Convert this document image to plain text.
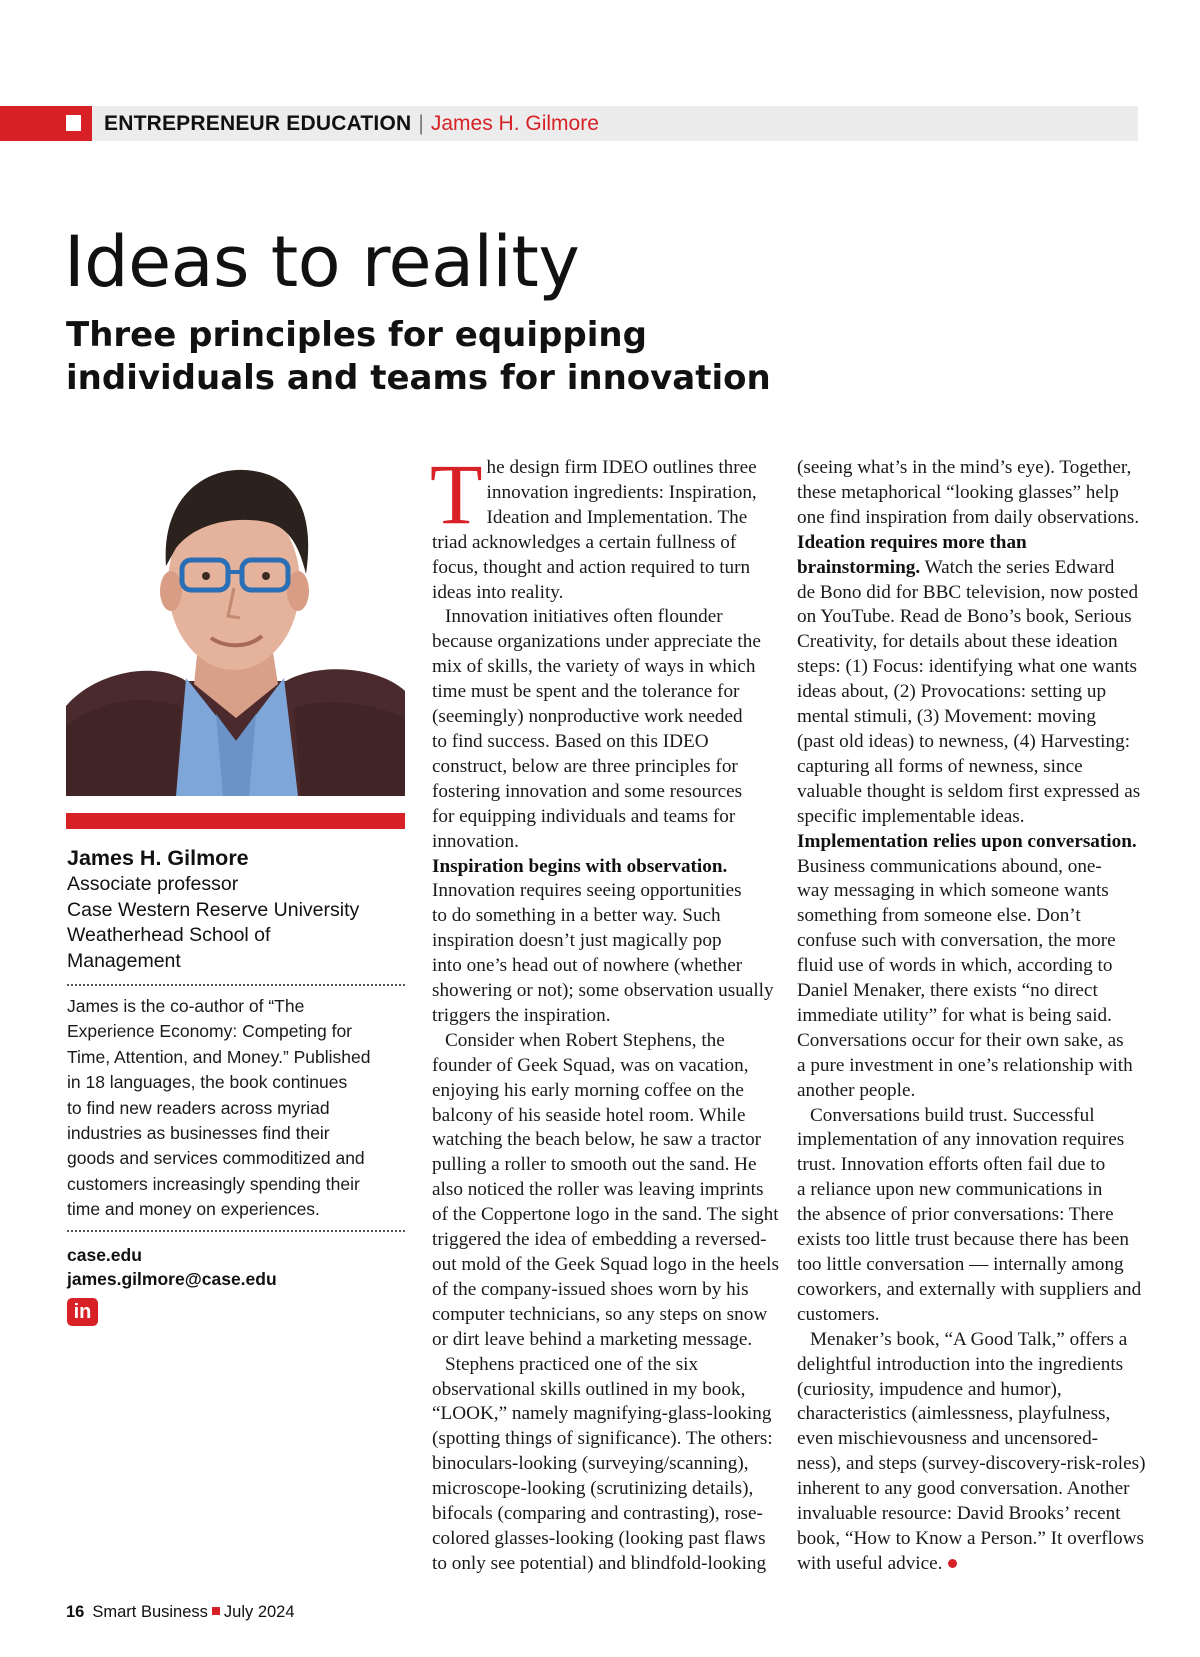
ENTREPRENEUR EDUCATION | James H. Gilmore
Ideas to reality
Three principles for equipping
individuals and teams for innovation
James H. Gilmore
Associate professor
Case Western Reserve University
Weatherhead School of
Management
James is the co-author of “The
Experience Economy: Competing for
Time, Attention, and Money.” Published
in 18 languages, the book continues
to find new readers across myriad
industries as businesses find their
goods and services commoditized and
customers increasingly spending their
time and money on experiences.
case.edu
james.gilmore@case.edu
in
T he design firm IDEO outlines three
innovation ingredients: Inspiration,
Ideation and Implementation. The
triad acknowledges a certain fullness of
focus, thought and action required to turn
ideas into reality.
Innovation initiatives often flounder
because organizations under appreciate the
mix of skills, the variety of ways in which
time must be spent and the tolerance for
(seemingly) nonproductive work needed
to find success. Based on this IDEO
construct, below are three principles for
fostering innovation and some resources
for equipping individuals and teams for
innovation.
Inspiration begins with observation.
Innovation requires seeing opportunities
to do something in a better way. Such
inspiration doesn’t just magically pop
into one’s head out of nowhere (whether
showering or not); some observation usually
triggers the inspiration.
Consider when Robert Stephens, the
founder of Geek Squad, was on vacation,
enjoying his early morning coffee on the
balcony of his seaside hotel room. While
watching the beach below, he saw a tractor
pulling a roller to smooth out the sand. He
also noticed the roller was leaving imprints
of the Coppertone logo in the sand. The sight
triggered the idea of embedding a reversed-
out mold of the Geek Squad logo in the heels
of the company-issued shoes worn by his
computer technicians, so any steps on snow
or dirt leave behind a marketing message.
Stephens practiced one of the six
observational skills outlined in my book,
“LOOK,” namely magnifying-glass-looking
(spotting things of significance). The others:
binoculars-looking (surveying/scanning),
microscope-looking (scrutinizing details),
bifocals (comparing and contrasting), rose-
colored glasses-looking (looking past flaws
to only see potential) and blindfold-looking
(seeing what’s in the mind’s eye). Together,
these metaphorical “looking glasses” help
one find inspiration from daily observations.
Ideation requires more than
brainstorming. Watch the series Edward
de Bono did for BBC television, now posted
on YouTube. Read de Bono’s book, Serious
Creativity, for details about these ideation
steps: (1) Focus: identifying what one wants
ideas about, (2) Provocations: setting up
mental stimuli, (3) Movement: moving
(past old ideas) to newness, (4) Harvesting:
capturing all forms of newness, since
valuable thought is seldom first expressed as
specific implementable ideas.
Implementation relies upon conversation.
Business communications abound, one-
way messaging in which someone wants
something from someone else. Don’t
confuse such with conversation, the more
fluid use of words in which, according to
Daniel Menaker, there exists “no direct
immediate utility” for what is being said.
Conversations occur for their own sake, as
a pure investment in one’s relationship with
another people.
Conversations build trust. Successful
implementation of any innovation requires
trust. Innovation efforts often fail due to
a reliance upon new communications in
the absence of prior conversations: There
exists too little trust because there has been
too little conversation — internally among
coworkers, and externally with suppliers and
customers.
Menaker’s book, “A Good Talk,” offers a
delightful introduction into the ingredients
(curiosity, impudence and humor),
characteristics (aimlessness, playfulness,
even mischievousness and uncensored-
ness), and steps (survey-discovery-risk-roles)
inherent to any good conversation. Another
invaluable resource: David Brooks’ recent
book, “How to Know a Person.” It overflows
with useful advice.
16 Smart Business July 2024
